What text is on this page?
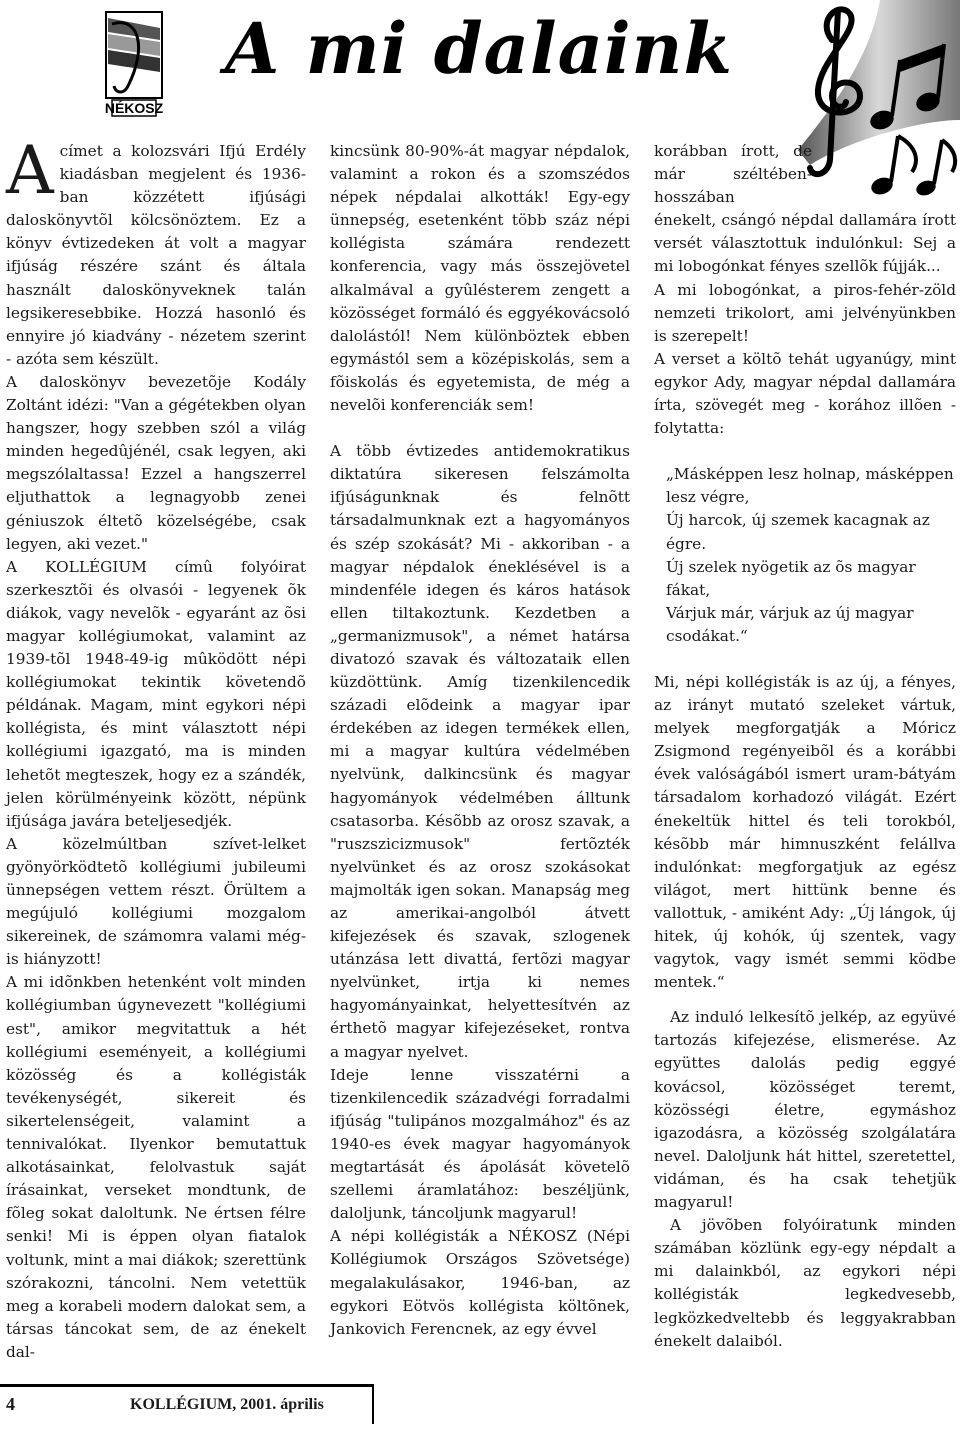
NÉKOSZ
A mi dalaink

Acímet a kolozsvári Ifjú Erdély kiadásban megjelent és 1936-ban közzétett ifjúsági daloskönyvtõl kölcsönöztem. Ez a könyv évtizedeken át volt a magyar ifjúság részére szánt és általa használt daloskönyveknek talán legsikeresebbike. Hozzá hasonló és ennyire jó kiadvány - nézetem szerint - azóta sem készült.

A daloskönyv bevezetõje Kodály Zoltánt idézi: "Van a gégétekben olyan hangszer, hogy szebben szól a világ minden hegedûjénél, csak legyen, aki megszólaltassa! Ezzel a hangszerrel eljuthattok a legnagyobb zenei géniuszok éltetõ közelségébe, csak legyen, aki vezet."

A KOLLÉGIUM címû folyóirat szerkesztõi és olvasói - legyenek õk diákok, vagy nevelõk - egyaránt az õsi magyar kollégiumokat, valamint az 1939-tõl 1948-49-ig mûködött népi kollégiumokat tekintik követendõ példának. Magam, mint egykori népi kollégista, és mint választott népi kollégiumi igazgató, ma is minden lehetõt megteszek, hogy ez a szándék, jelen körülményeink között, népünk ifjúsága javára beteljesedjék.

A közelmúltban szívet-lelket gyönyörködtetõ kollégiumi jubileumi ünnepségen vettem részt. Örültem a megújuló kollégiumi mozgalom sikereinek, de számomra valami még-is hiányzott!

A mi idõnkben hetenként volt minden kollégiumban úgynevezett "kollégiumi est", amikor megvitattuk a hét kollégiumi eseményeit, a kollégiumi közösség és a kollégisták tevékenységét, sikereit és sikertelenségeit, valamint a tennivalókat. Ilyenkor bemutattuk alkotásainkat, felolvastuk saját írásainkat, verseket mondtunk, de fõleg sokat daloltunk. Ne értsen félre senki! Mi is éppen olyan fiatalok voltunk, mint a mai diákok; szerettünk szórakozni, táncolni. Nem vetettük meg a korabeli modern dalokat sem, a társas táncokat sem, de az énekelt dal-

kincsünk 80-90%-át magyar népdalok, valamint a rokon és a szomszédos népek népdalai alkották! Egy-egy ünnepség, esetenként több száz népi kollégista számára rendezett konferencia, vagy más összejövetel alkalmával a gyûlésterem zengett a közösséget formáló és eggyékovácsoló dalolástól! Nem különböztek ebben egymástól sem a középiskolás, sem a fõiskolás és egyetemista, de még a nevelõi konferenciák sem!

A több évtizedes antidemokratikus diktatúra sikeresen felszámolta ifjúságunknak és felnõtt társadalmunknak ezt a hagyományos és szép szokását? Mi - akkoriban - a magyar népdalok éneklésével is a mindenféle idegen és káros hatások ellen tiltakoztunk. Kezdetben a „germanizmusok", a német határsa divatozó szavak és változataik ellen küzdöttünk. Amíg tizenkilencedik századi elõdeink a magyar ipar érdekében az idegen termékek ellen, mi a magyar kultúra védelmében nyelvünk, dalkincsünk és magyar hagyományok védelmében álltunk csatasorba. Késõbb az orosz szavak, a "ruszszicizmusok" fertõzték nyelvünket és az orosz szokásokat majmolták igen sokan. Manapság meg az amerikai-angolból átvett kifejezések és szavak, szlogenek utánzása lett divattá, fertõzi magyar nyelvünket, irtja ki nemes hagyományainkat, helyettesítvén az érthetõ magyar kifejezéseket, rontva a magyar nyelvet.

Ideje lenne visszatérni a tizenkilencedik századvégi forradalmi ifjúság "tulipános mozgalmához" és az 1940-es évek magyar hagyományok megtartását és ápolását követelõ szellemi áramlatához: beszéljünk, daloljunk, táncoljunk magyarul!

A népi kollégisták a NÉKOSZ (Népi Kollégiumok Országos Szövetsége) megalakulásakor, 1946-ban, az egykori Eötvös kollégista költõnek, Jankovich Ferencnek, az egy évvel

korábban írott, de már széltében-hosszában

énekelt, csángó népdal dallamára írott versét választottuk indulónkul: Sej a mi lobogónkat fényes szellõk fújják...

A mi lobogónkat, a piros-fehér-zöld nemzeti trikolort, ami jelvényünkben is szerepelt!

A verset a költõ tehát ugyanúgy, mint egykor Ady, magyar népdal dallamára írta, szövegét meg - korához illõen - folytatta:

„Másképpen lesz holnap, másképpen lesz végre,
Új harcok, új szemek kacagnak az égre.
Új szelek nyögetik az õs magyar fákat,
Várjuk már, várjuk az új magyar csodákat.“

Mi, népi kollégisták is az új, a fényes, az irányt mutató szeleket vártuk, melyek megforgatják a Móricz Zsigmond regényeibõl és a korábbi évek valóságából ismert uram-bátyám társadalom korhadozó világát. Ezért énekeltük hittel és teli torokból, késõbb már himnuszként felállva indulónkat: megforgatjuk az egész világot, mert hittünk benne és vallottuk, - amiként Ady: „Új lángok, új hitek, új kohók, új szentek, vagy vagytok, vagy ismét semmi ködbe mentek.“

Az induló lelkesítõ jelkép, az együvé tartozás kifejezése, elismerése. Az együttes dalolás pedig eggyé kovácsol, közösséget teremt, közösségi életre, egymáshoz igazodásra, a közösség szolgálatára nevel. Daloljunk hát hittel, szeretettel, vidáman, és ha csak tehetjük magyarul!

A jövõben folyóiratunk minden számában közlünk egy-egy népdalt a mi dalainkból, az egykori népi kollégisták legkedvesebb, legközkedveltebb és leggyakrabban énekelt dalaiból.

4	KOLLÉGIUM, 2001. április
